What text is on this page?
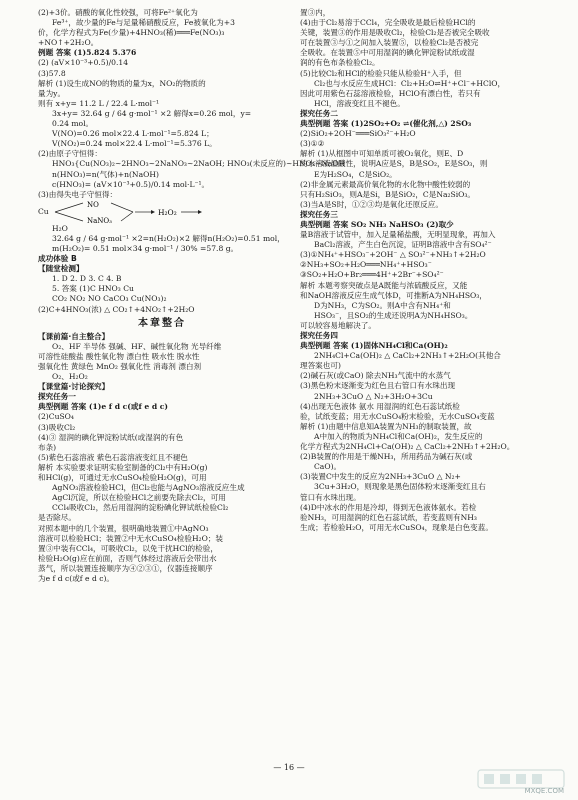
(2)+3价。硝酸的氧化性较强，可将Fe²⁺氧化为
Fe³⁺，故少量的Fe与足量稀硝酸反应，Fe被氧化为+3
价，化学方程式为Fe(少量)+4HNO₃(稀)═══Fe(NO₃)₃
+NO↑+2H₂O。
例题 答案 (1)5.824 5.376
(2) (aV×10⁻³+0.5)/0.14
(3)57.8
解析 (1)设生成NO的物质的量为x，NO₂的物质的
量为y。
则有 x+y= 11.2 L / 22.4 L·mol⁻¹
3x+y= 32.64 g / 64 g·mol⁻¹ ×2 解得x=0.26 mol，y=
0.24 mol。
V(NO)=0.26 mol×22.4 L·mol⁻¹=5.824 L；
V(NO₂)=0.24 mol×22.4 L·mol⁻¹=5.376 L。
(2)由原子守恒得：
HNO₃{Cu(NO₃)₂~2HNO₃~2NaNO₃~2NaOH; HNO₃(未反应的)~HNO₃~NaOH
n(HNO₃)=n(气体)+n(NaOH)
c(HNO₃)= (aV×10⁻³+0.5)/0.14 mol·L⁻¹。
(3)由得失电子守恒得：
Cu
NO
NaNO₃
H₂O₂
H₂O
32.64 g / 64 g·mol⁻¹ ×2=n(H₂O₂)×2 解得n(H₂O₂)=0.51 mol，
m(H₂O₂)= 0.51 mol×34 g·mol⁻¹ / 30% =57.8 g。
成功体验 B
【随堂检测】
1. D 2. D 3. C 4. B
5. 答案 (1)C HNO₃ Cu
CO₂ NO₂ NO CaCO₃ Cu(NO₃)₂
(2)C+4HNO₃(浓) △ CO₂↑+4NO₂↑+2H₂O
本章整合
【课前篇·自主整合】
O₂、HF 半导体 强碱、HF、碱性氧化物 光导纤维
可溶性硅酸盐 酸性氧化物 漂白性 吸水性 脱水性
强氧化性 黄绿色 MnO₂ 强氧化性 消毒剂 漂白剂
O₂、H₂O₂
【课堂篇·讨论探究】
探究任务一
典型例题 答案 (1)e f d c(或f e d c)
(2)CuSO₄
(3)吸收Cl₂
(4)③ 湿润的碘化钾淀粉试纸(或湿润的有色
布条)
(5)紫色石蕊溶液 紫色石蕊溶液变红且不褪色
解析 本实验要求证明实验室制备的Cl₂中有H₂O(g)
和HCl(g)，可通过无水CuSO₄检验H₂O(g)，可用
AgNO₃溶液检验HCl，但Cl₂也能与AgNO₃溶液反应生成
AgCl沉淀，所以在检验HCl之前要先除去Cl₂，可用
CCl₄吸收Cl₂，然后用湿润的淀粉碘化钾试纸检验Cl₂
是否除尽。
对照本题中的几个装置，很明确地装置①中AgNO₃
溶液可以检验HCl；装置②中无水CuSO₄检验H₂O；装
置③中装有CCl₄，可吸收Cl₂，以免干扰HCl的检验，
检验H₂O(g)应在前面，否则气体经过溶液后会带出水
蒸气，所以装置连接顺序为④②③①，仪器连接顺序
为e f d c(或f e d c)。
置③内，
(4)由于Cl₂易溶于CCl₄，完全吸收是最后检验HCl的
关键，装置③的作用是吸收Cl₂，检验Cl₂是否被完全吸收
可在装置③与①之间加入装置⑤，以检验Cl₂是否被完
全吸收。在装置⑤中可用湿润的碘化钾淀粉试纸或湿
润的有色布条检验Cl₂。
(5)比较Cl₂和HCl的检验只能从检验H⁺入手，但
Cl₂也与水反应生成HCl：Cl₂+H₂O⇌H⁺+Cl⁻+HClO，
因此可用紫色石蕊溶液检验，HClO有漂白性，若只有
HCl，溶液变红且不褪色。
探究任务二
典型例题 答案 (1)2SO₂+O₂ ⇌(催化剂,△) 2SO₃
(2)SiO₂+2OH⁻═══SiO₃²⁻+H₂O
(3)①②
解析 (1)从框图中可知单质可被O₂氧化，则E、D
的水溶液显酸性，说明A应是S，B是SO₂，E是SO₃，则
E为H₂SO₄，C是SiO₂。
(2)非金属元素最高价氧化物的水化物中酸性较弱的
只有H₂SiO₃，则A是Si，B是SiO₂，C是Na₂SiO₃。
(3)当A是S时，①②③均是氧化还原反应。
探究任务三
典型例题 答案 SO₂ NH₃ NaHSO₃ (2)取少
量B溶液于试管中，加入足量稀盐酸，无明显现象，再加入
BaCl₂溶液，产生白色沉淀，证明B溶液中含有SO₄²⁻
(3)①NH₄⁺+HSO₃⁻+2OH⁻ △ SO₃²⁻+NH₃↑+2H₂O
②NH₃+SO₂+H₂O═══NH₄⁺+HSO₃⁻
③SO₂+H₂O+Br₂═══4H⁺+2Br⁻+SO₄²⁻
解析 本题考察突破点是A既能与浓硫酸反应，又能
和NaOH溶液反应生成气体D，可推断A为NH₄HSO₃，
D为NH₃，C为SO₂。则A中含有NH₄⁺和
HSO₃⁻，且SO₂的生成还说明A为NH₄HSO₃。
可以较容易地解决了。
探究任务四
典型例题 答案 (1)固体NH₄Cl和Ca(OH)₂
2NH₄Cl+Ca(OH)₂ △ CaCl₂+2NH₃↑+2H₂O(其他合
理答案也可)
(2)碱石灰(或CaO) 除去NH₃气流中的水蒸气
(3)黑色粉末逐渐变为红色且右管口有水珠出现
2NH₃+3CuO △ N₂+3H₂O+3Cu
(4)出现无色液体 氨水 用湿润的红色石蕊试纸检
验，试纸变蓝；用无水CuSO₄粉末检验，无水CuSO₄变蓝
解析 (1)由题中信息知A装置为NH₃的制取装置，故
A中加入的物质为NH₄Cl和Ca(OH)₂，发生反应的
化学方程式为2NH₄Cl+Ca(OH)₂ △ CaCl₂+2NH₃↑+2H₂O。
(2)B装置的作用是干燥NH₃，所用药品为碱石灰(或
CaO)。
(3)装置C中发生的反应为2NH₃+3CuO △ N₂+
3Cu+3H₂O，则现象是黑色固体粉末逐渐变红且右
管口有水珠出现。
(4)D中冰水的作用是冷却，得到无色液体氨水。若检
验NH₃，可用湿润的红色石蕊试纸，若变蓝则有NH₃
生成；若检验H₂O，可用无水CuSO₄，现象是白色变蓝。
— 16 —
MXQE.COM
